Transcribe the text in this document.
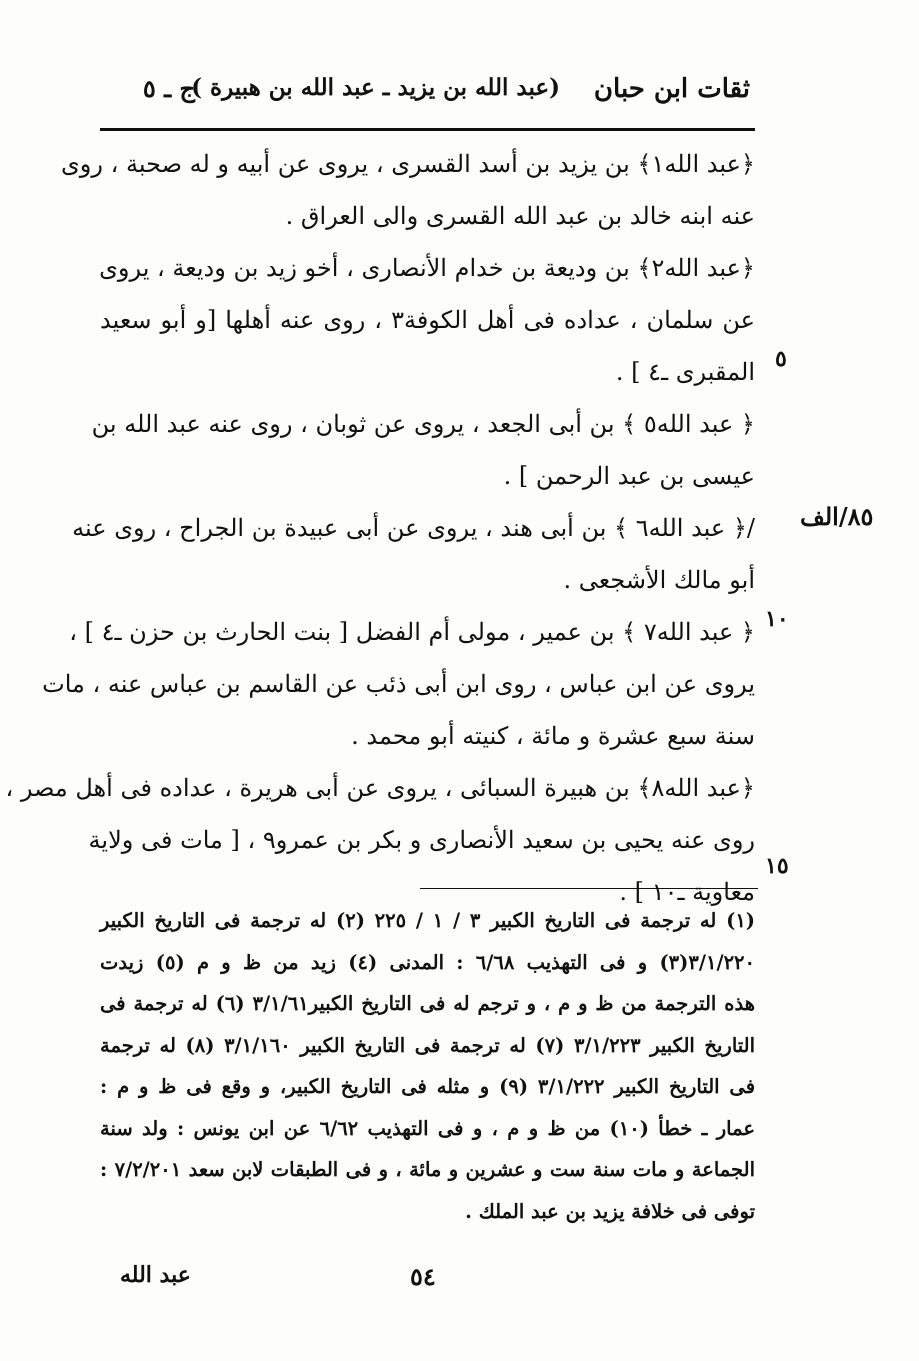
ثقات ابن حبان
(عبد الله بن يزيد ـ عبد الله بن هبيرة )
ج ـ ٥
﴿عبد الله١﴾ بن يزيد بن أسد القسرى ، يروى عن أبيه و له صحبة ، روى
عنه ابنه خالد بن عبد الله القسرى والى العراق .
﴿عبد الله٢﴾ بن وديعة بن خدام الأنصارى ، أخو زيد بن وديعة ، يروى
عن سلمان ، عداده فى أهل الكوفة٣ ، روى عنه أهلها [و أبو سعيد
المقبرى ـ٤ ] .
﴿ عبد الله٥ ﴾ بن أبى الجعد ، يروى عن ثوبان ، روى عنه عبد الله بن
عيسى بن عبد الرحمن ] .
/﴿ عبد الله٦ ﴾ بن أبى هند ، يروى عن أبى عبيدة بن الجراح ، روى عنه
أبو مالك الأشجعى .
﴿ عبد الله٧ ﴾ بن عمير ، مولى أم الفضل [ بنت الحارث بن حزن ـ٤ ] ،
يروى عن ابن عباس ، روى ابن أبى ذئب عن القاسم بن عباس عنه ، مات
سنة سبع عشرة و مائة ، كنيته أبو محمد .
﴿عبد الله٨﴾ بن هبيرة السبائى ، يروى عن أبى هريرة ، عداده فى أهل مصر ،
روى عنه يحيى بن سعيد الأنصارى و بكر بن عمرو٩ ، [ مات فى ولاية
معاوية ـ١٠ ] .
٥
٨٥/الف
١٠
١٥
(١) له ترجمة فى التاريخ الكبير ٣ / ١ / ٢٢٥ (٢) له ترجمة فى التاريخ الكبير
٣/١/٢٢٠(٣) و فى التهذيب ٦/٦٨ : المدنى (٤) زيد من ظ و م (٥) زيدت
هذه الترجمة من ظ و م ، و ترجم له فى التاريخ الكبير٣/١/٦١ (٦) له ترجمة فى
التاريخ الكبير ٣/١/٢٢٣ (٧) له ترجمة فى التاريخ الكبير ٣/١/١٦٠ (٨) له ترجمة
فى التاريخ الكبير ٣/١/٢٢٢ (٩) و مثله فى التاريخ الكبير، و وقع فى ظ و م :
عمار ـ خطأ (١٠) من ظ و م ، و فى التهذيب ٦/٦٢ عن ابن يونس : ولد سنة
الجماعة و مات سنة ست و عشرين و مائة ، و فى الطبقات لابن سعد ٧/٢/٢٠١ :
توفى فى خلافة يزيد بن عبد الملك .
٥٤
عبد الله
